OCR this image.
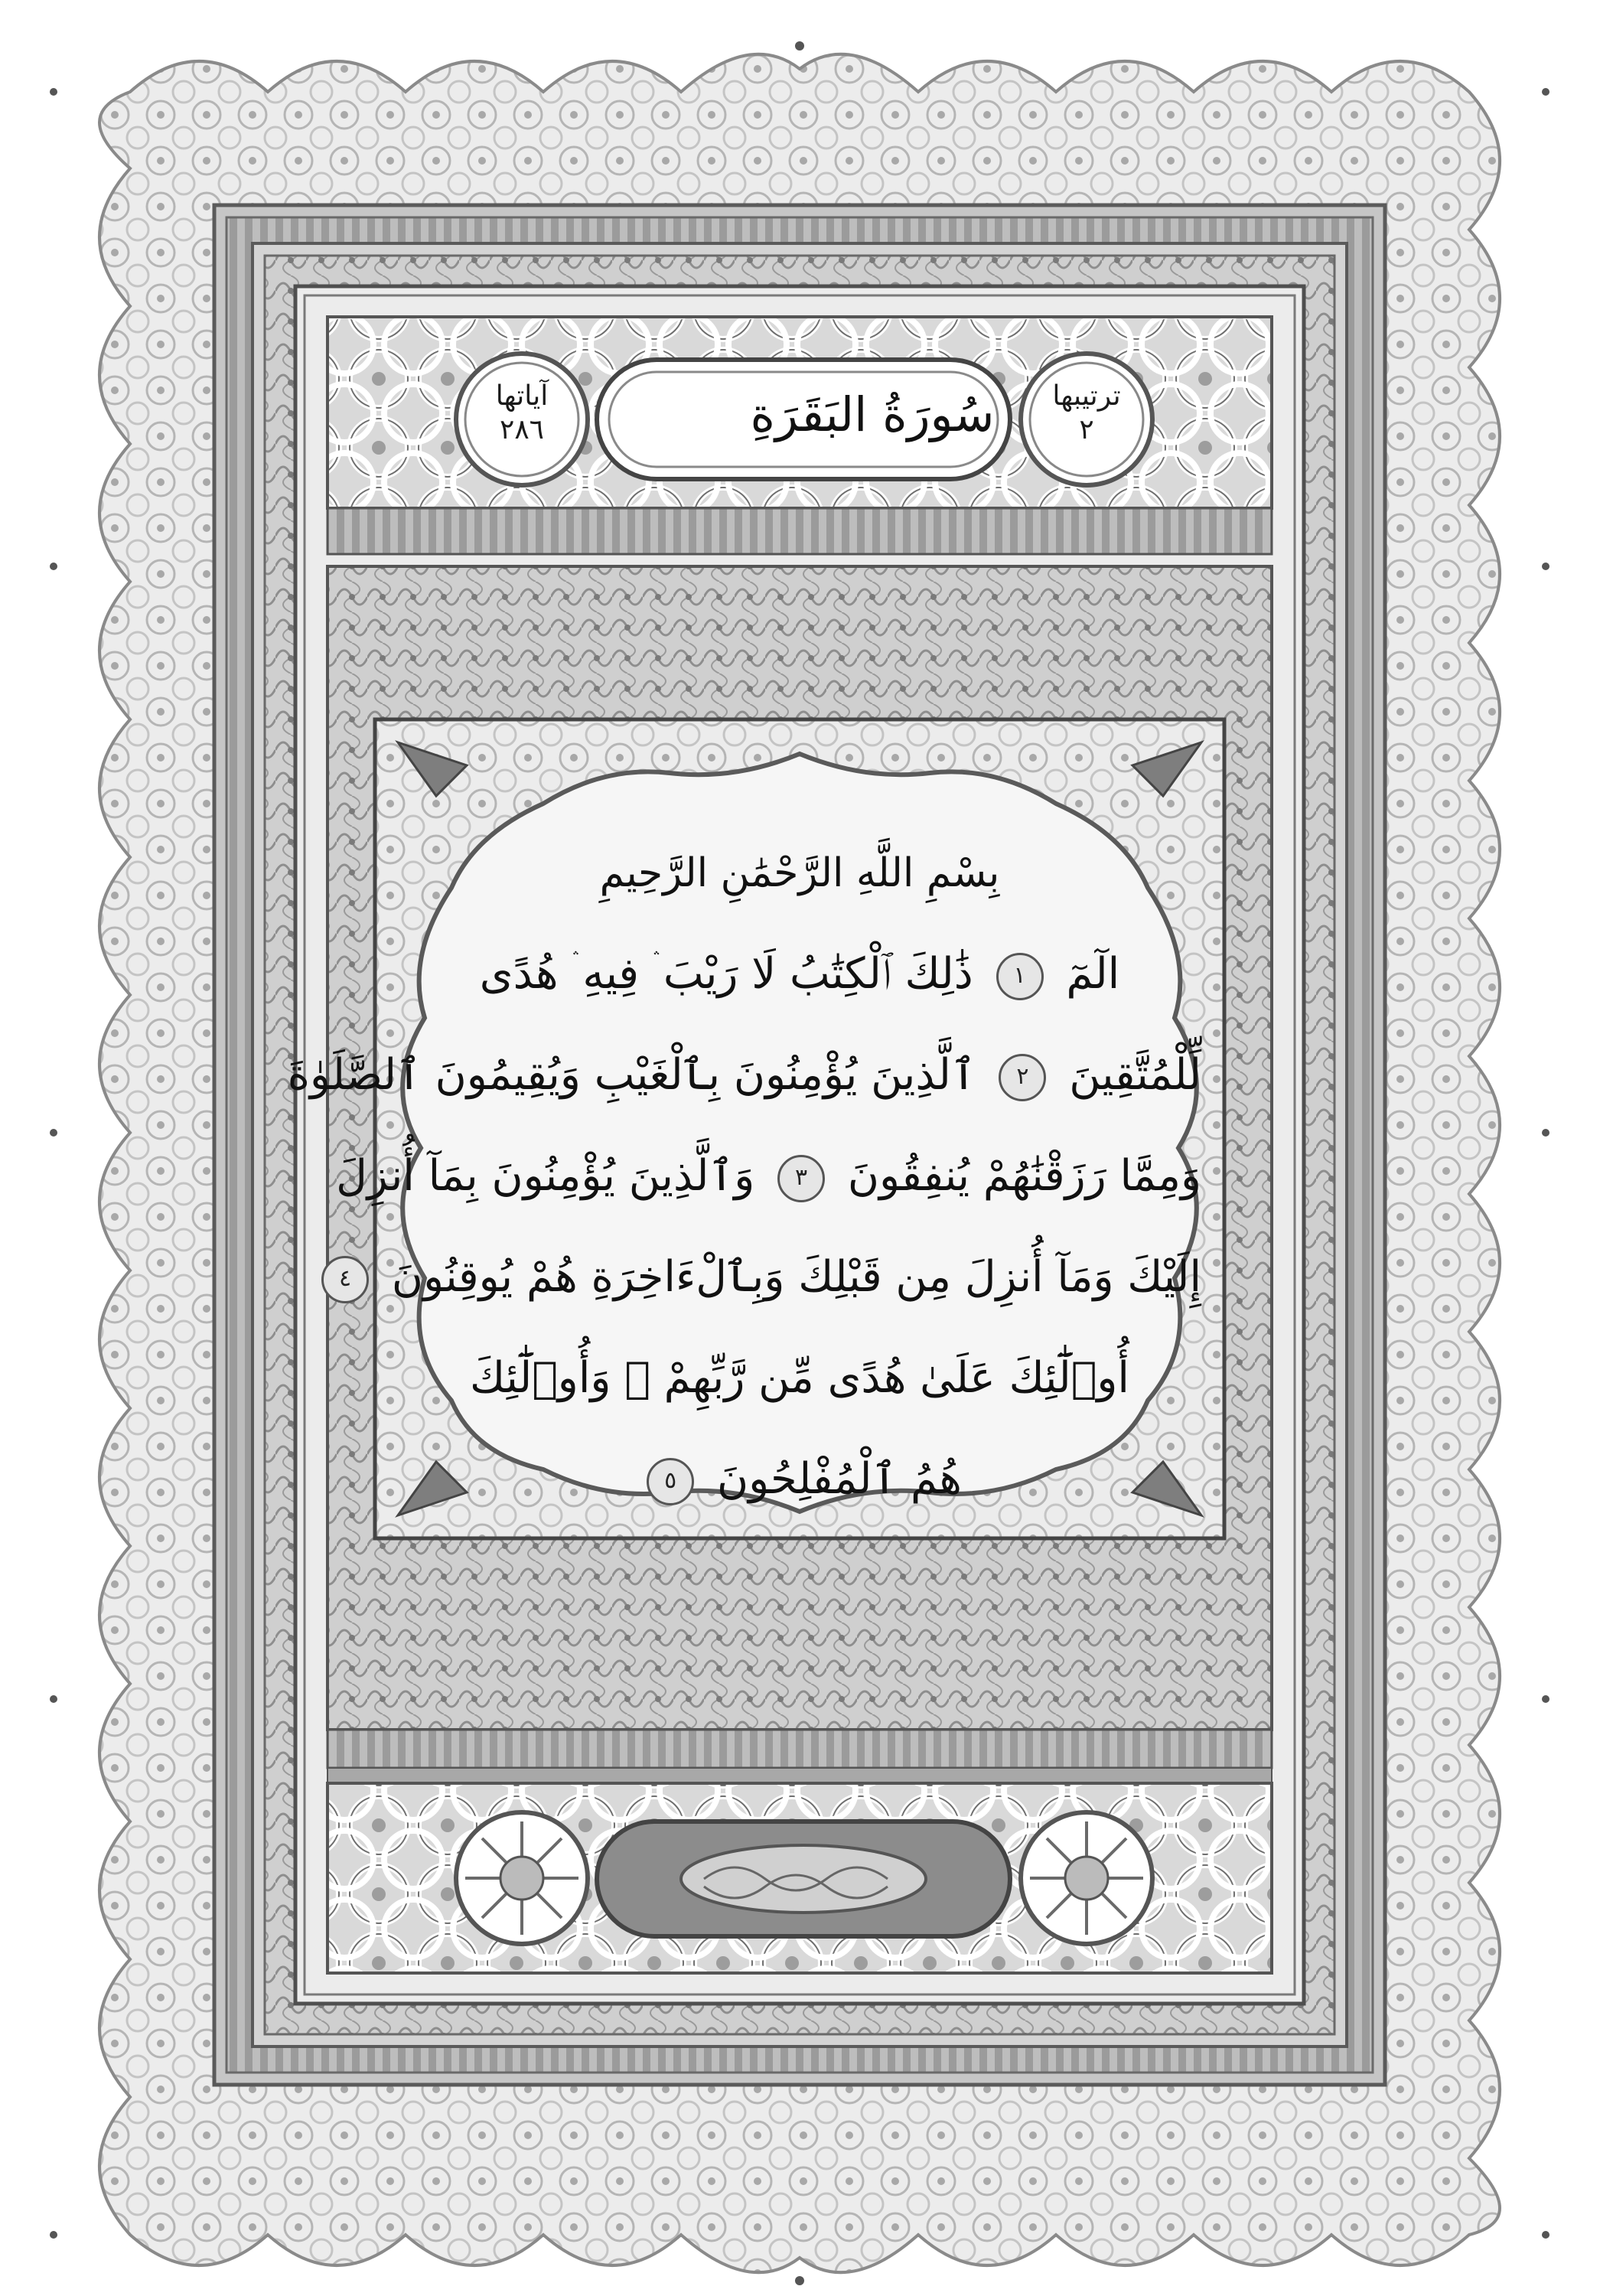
آياتها
٢٨٦	سُورَةُ البَقَرَةِ	ترتيبها
٢
بِسْمِ اللَّهِ الرَّحْمَٰنِ الرَّحِيمِ
الٓمٓ ١ ذَٰلِكَ ٱلْكِتَٰبُ لَا رَيْبَ ۛ فِيهِ ۛ هُدًى
لِّلْمُتَّقِينَ ٢ ٱلَّذِينَ يُؤْمِنُونَ بِٱلْغَيْبِ وَيُقِيمُونَ ٱلصَّلَوٰةَ
وَمِمَّا رَزَقْنَٰهُمْ يُنفِقُونَ ٣ وَٱلَّذِينَ يُؤْمِنُونَ بِمَآ أُنزِلَ
إِلَيْكَ وَمَآ أُنزِلَ مِن قَبْلِكَ وَبِٱلْءَاخِرَةِ هُمْ يُوقِنُونَ ٤
أُو۟لَٰٓئِكَ عَلَىٰ هُدًى مِّن رَّبِّهِمْ ۖ وَأُو۟لَٰٓئِكَ
هُمُ ٱلْمُفْلِحُونَ ٥
